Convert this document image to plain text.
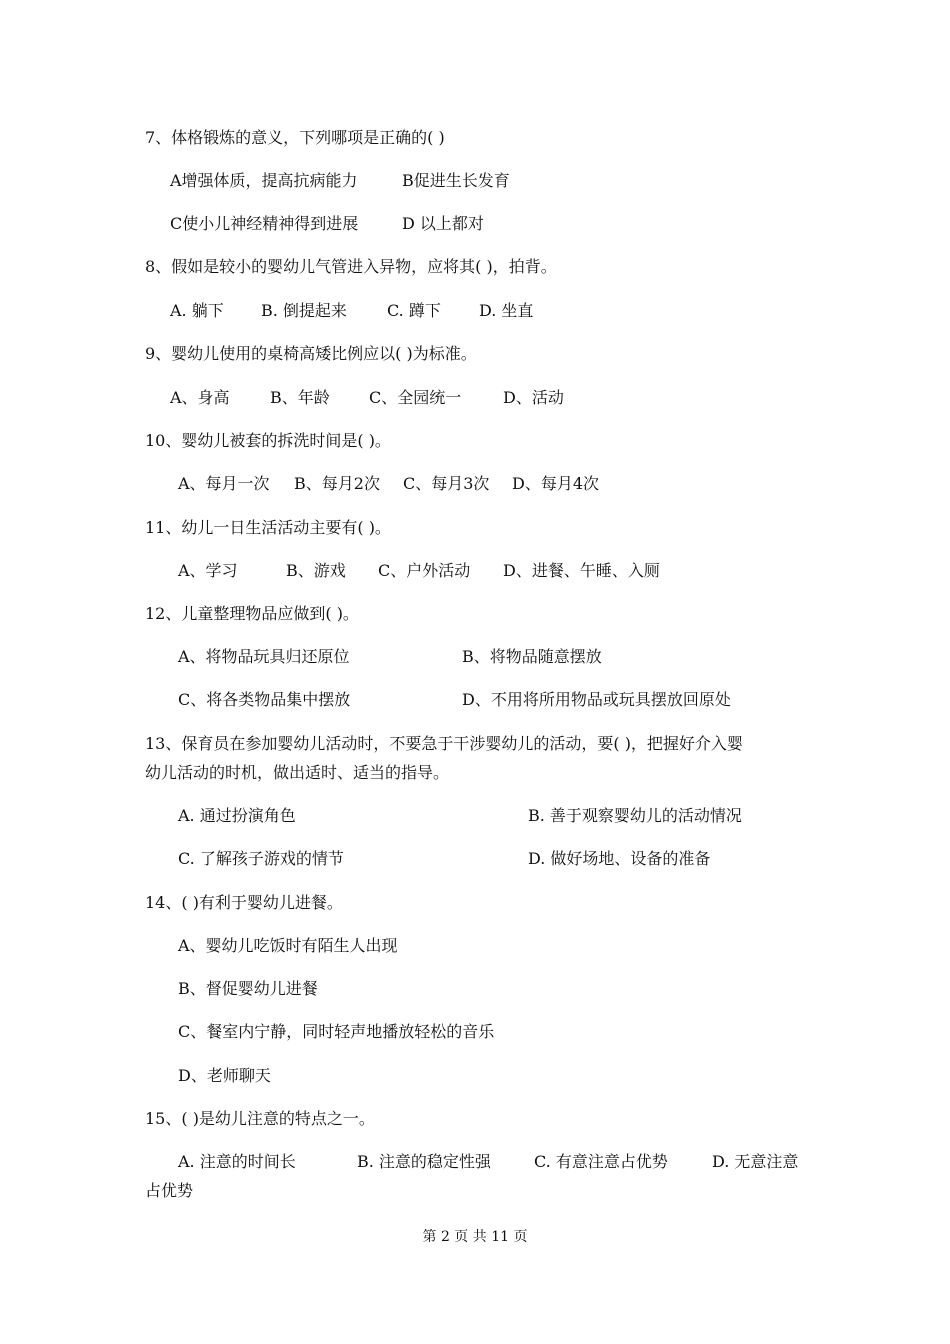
7、体格锻炼的意义，下列哪项是正确的( )
A增强体质，提高抗病能力	B促进生长发育
C使小儿神经精神得到进展	D 以上都对
8、假如是较小的婴幼儿气管进入异物，应将其( )，拍背。
A. 躺下 B. 倒提起来	C. 蹲下 D. 坐直
9、婴幼儿使用的桌椅高矮比例应以( )为标准。
A、身高	B、年龄 C、全园统一	D、活动
10、婴幼儿被套的拆洗时间是( )。
A、每月一次 B、每月2次 C、每月3次 D、每月4次
11、幼儿一日生活活动主要有( )。
A、学习	B、游戏 C、户外活动 D、进餐、午睡、入厕
12、儿童整理物品应做到( )。
A、将物品玩具归还原位	B、将物品随意摆放
C、将各类物品集中摆放	D、不用将所用物品或玩具摆放回原处
13、保育员在参加婴幼儿活动时，不要急于干涉婴幼儿的活动，要( )，把握好介入婴
幼儿活动的时机，做出适时、适当的指导。
A. 通过扮演角色	B. 善于观察婴幼儿的活动情况
C. 了解孩子游戏的情节	D. 做好场地、设备的准备
14、( )有利于婴幼儿进餐。
A、婴幼儿吃饭时有陌生人出现
B、督促婴幼儿进餐
C、餐室内宁静，同时轻声地播放轻松的音乐
D、老师聊天
15、( )是幼儿注意的特点之一。
A. 注意的时间长	B. 注意的稳定性强	C. 有意注意占优势	D. 无意注意
占优势
第 2 页 共 11 页
